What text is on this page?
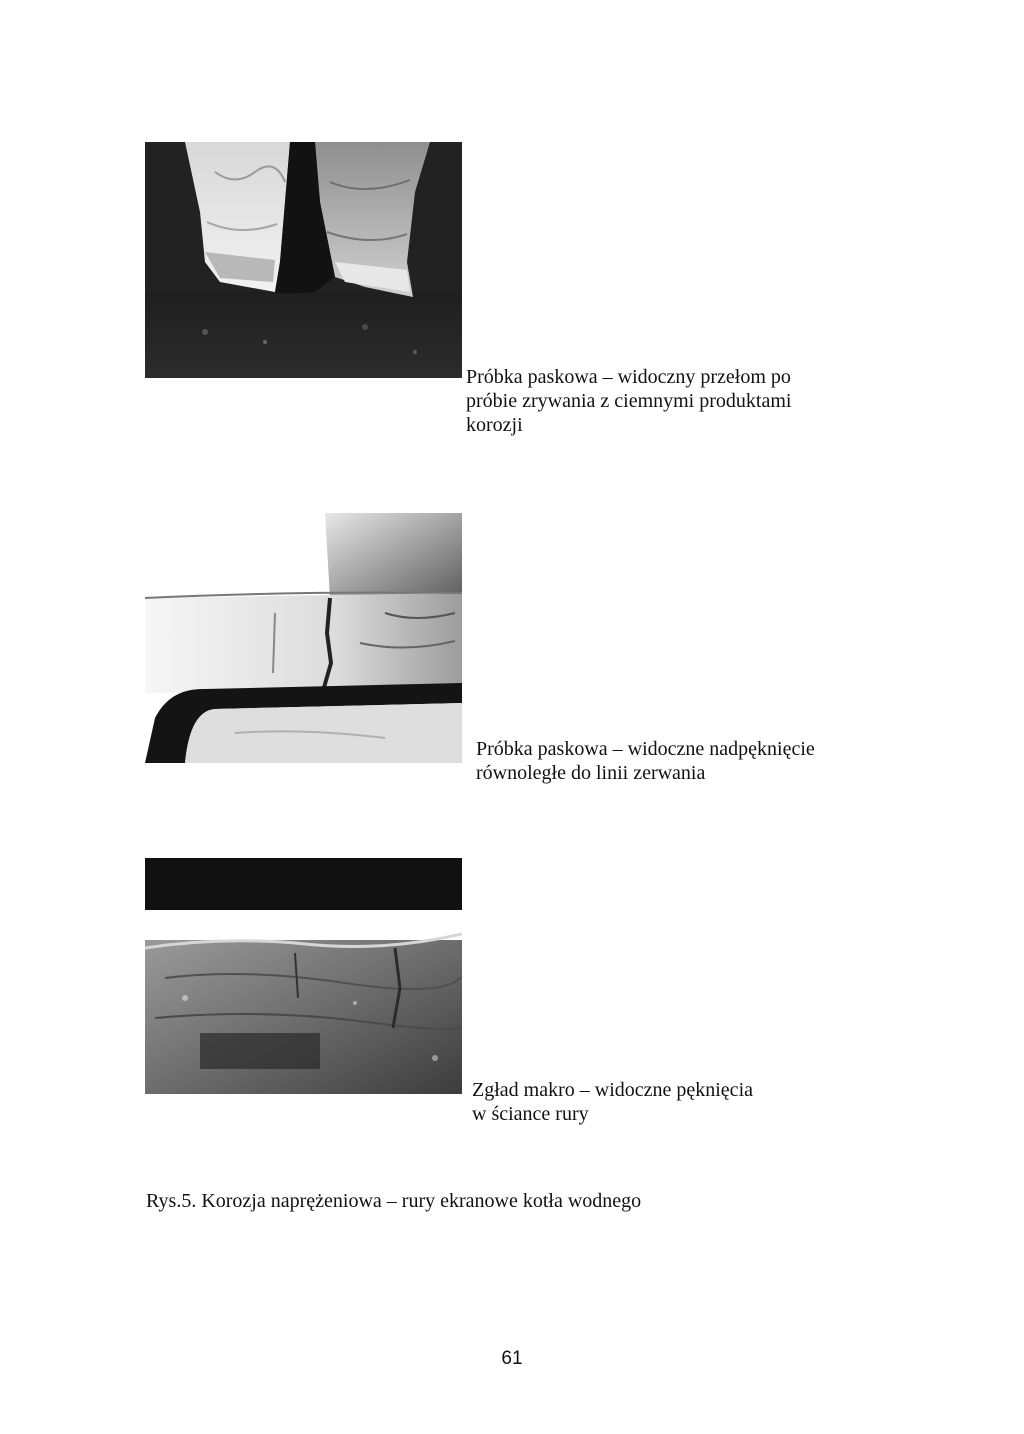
Próbka paskowa – widoczny przełom po
próbie zrywania z ciemnymi produktami
korozji
Próbka paskowa – widoczne nadpęknięcie
równoległe do linii zerwania
Zgład makro – widoczne pęknięcia
w ściance rury
Rys.5. Korozja naprężeniowa – rury ekranowe kotła wodnego
61
